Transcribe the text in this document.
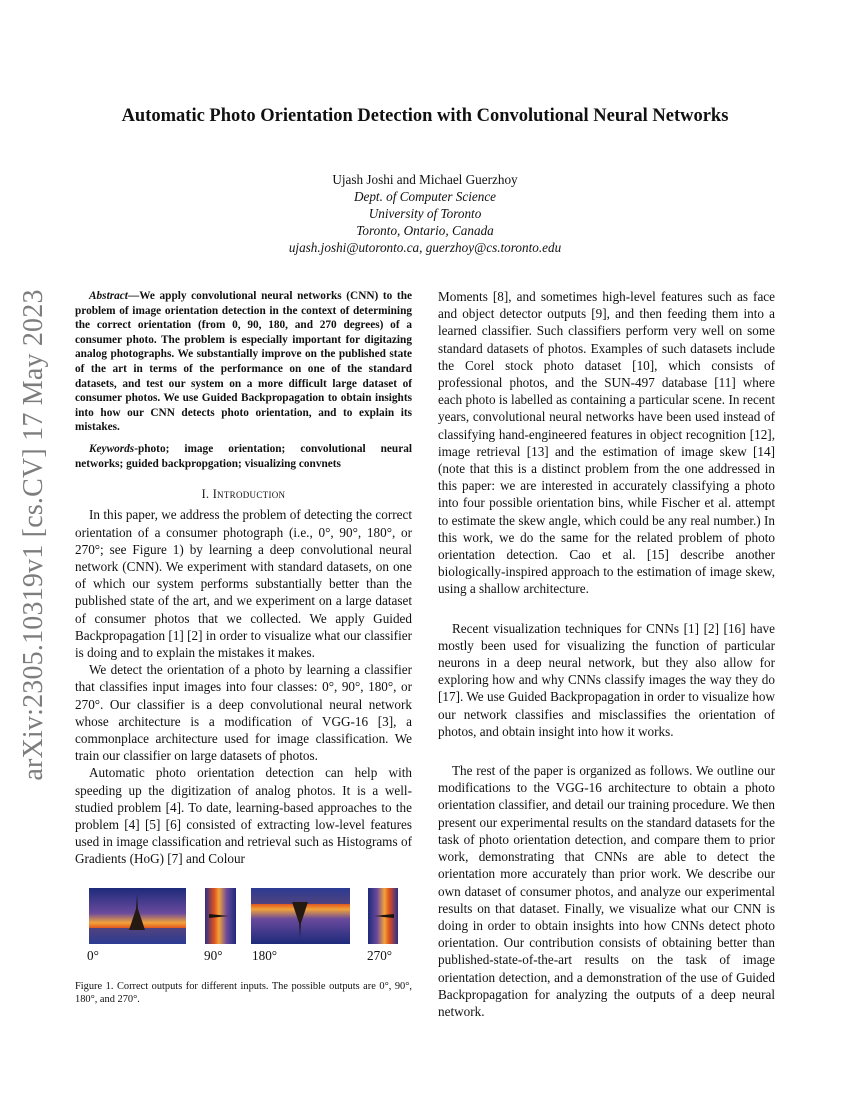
arXiv:2305.10319v1 [cs.CV] 17 May 2023
Automatic Photo Orientation Detection with Convolutional Neural Networks
Ujash Joshi and Michael Guerzhoy
Dept. of Computer Science
University of Toronto
Toronto, Ontario, Canada
ujash.joshi@utoronto.ca, guerzhoy@cs.toronto.edu

Abstract—We apply convolutional neural networks (CNN) to the problem of image orientation detection in the context of determining the correct orientation (from 0, 90, 180, and 270 degrees) of a consumer photo. The problem is especially important for digitazing analog photographs. We substantially improve on the published state of the art in terms of the performance on one of the standard datasets, and test our system on a more difficult large dataset of consumer photos. We use Guided Backpropagation to obtain insights into how our CNN detects photo orientation, and to explain its mistakes.

Keywords-photo; image orientation; convolutional neural networks; guided backpropgation; visualizing convnets

I. Introduction

In this paper, we address the problem of detecting the correct orientation of a consumer photograph (i.e., 0°, 90°, 180°, or 270°; see Figure 1) by learning a deep convolutional neural network (CNN). We experiment with standard datasets, on one of which our system performs substantially better than the published state of the art, and we experiment on a large dataset of consumer photos that we collected. We apply Guided Backpropagation [1] [2] in order to visualize what our classifier is doing and to explain the mistakes it makes.

We detect the orientation of a photo by learning a classifier that classifies input images into four classes: 0°, 90°, 180°, or 270°. Our classifier is a deep convolutional neural network whose architecture is a modification of VGG-16 [3], a commonplace architecture used for image classification. We train our classifier on large datasets of photos.

Automatic photo orientation detection can help with speeding up the digitization of analog photos. It is a well-studied problem [4]. To date, learning-based approaches to the problem [4] [5] [6] consisted of extracting low-level features used in image classification and retrieval such as Histograms of Gradients (HoG) [7] and Colour

0°	90° 180°	270°

Figure 1. Correct outputs for different inputs. The possible outputs are 0°, 90°, 180°, and 270°.

Moments [8], and sometimes high-level features such as face and object detector outputs [9], and then feeding them into a learned classifier. Such classifiers perform very well on some standard datasets of photos. Examples of such datasets include the Corel stock photo dataset [10], which consists of professional photos, and the SUN-497 database [11] where each photo is labelled as containing a particular scene. In recent years, convolutional neural networks have been used instead of classifying hand-engineered features in object recognition [12], image retrieval [13] and the estimation of image skew [14] (note that this is a distinct problem from the one addressed in this paper: we are interested in accurately classifying a photo into four possible orientation bins, while Fischer et al. attempt to estimate the skew angle, which could be any real number.) In this work, we do the same for the related problem of photo orientation detection. Cao et al. [15] describe another biologically-inspired approach to the estimation of image skew, using a shallow architecture.

Recent visualization techniques for CNNs [1] [2] [16] have mostly been used for visualizing the function of particular neurons in a deep neural network, but they also allow for exploring how and why CNNs classify images the way they do [17]. We use Guided Backpropagation in order to visualize how our network classifies and misclassifies the orientation of photos, and obtain insight into how it works.

The rest of the paper is organized as follows. We outline our modifications to the VGG-16 architecture to obtain a photo orientation classifier, and detail our training procedure. We then present our experimental results on the standard datasets for the task of photo orientation detection, and compare them to prior work, demonstrating that CNNs are able to detect the orientation more accurately than prior work. We describe our own dataset of consumer photos, and analyze our experimental results on that dataset. Finally, we visualize what our CNN is doing in order to obtain insights into how CNNs detect photo orientation. Our contribution consists of obtaining better than published-state-of-the-art results on the task of image orientation detection, and a demonstration of the use of Guided Backpropagation for analyzing the outputs of a deep neural network.
